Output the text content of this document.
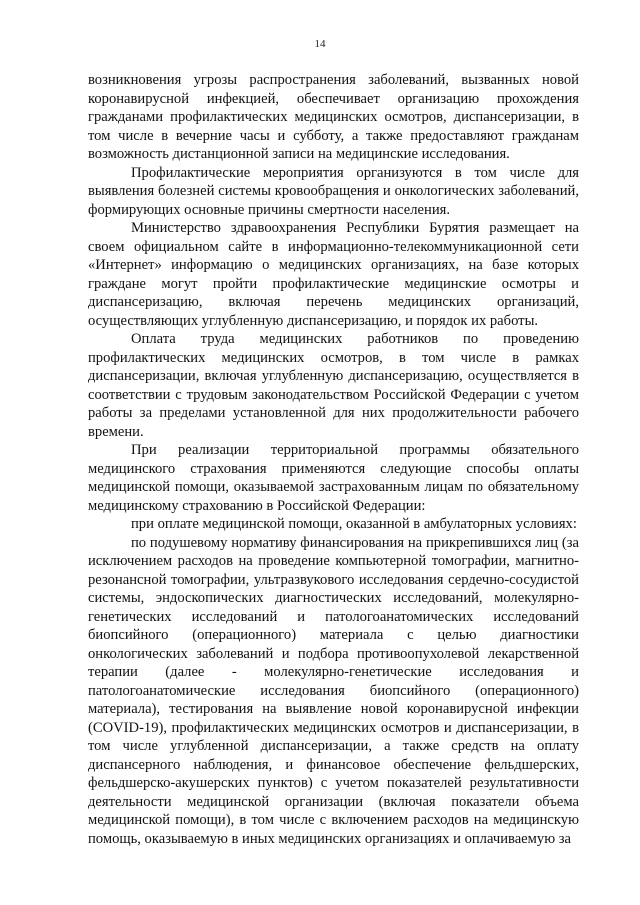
14

возникновения угрозы распространения заболеваний, вызванных новой коронавирусной инфекцией, обеспечивает организацию прохождения гражданами профилактических медицинских осмотров, диспансеризации, в том числе в вечерние часы и субботу, а также предоставляют гражданам возможность дистанционной записи на медицинские исследования.

Профилактические мероприятия организуются в том числе для выявления болезней системы кровообращения и онкологических заболеваний, формирующих основные причины смертности населения.

Министерство здравоохранения Республики Бурятия размещает на своем официальном сайте в информационно-телекоммуникационной сети «Интернет» информацию о медицинских организациях, на базе которых граждане могут пройти профилактические медицинские осмотры и диспансеризацию, включая перечень медицинских организаций, осуществляющих углубленную диспансеризацию, и порядок их работы.

Оплата труда медицинских работников по проведению профилактических медицинских осмотров, в том числе в рамках диспансеризации, включая углубленную диспансеризацию, осуществляется в соответствии с трудовым законодательством Российской Федерации с учетом работы за пределами установленной для них продолжительности рабочего времени.

При реализации территориальной программы обязательного медицинского страхования применяются следующие способы оплаты медицинской помощи, оказываемой застрахованным лицам по обязательному медицинскому страхованию в Российской Федерации:

при оплате медицинской помощи, оказанной в амбулаторных условиях:

по подушевому нормативу финансирования на прикрепившихся лиц (за исключением расходов на проведение компьютерной томографии, магнитно-резонансной томографии, ультразвукового исследования сердечно-сосудистой системы, эндоскопических диагностических исследований, молекулярно-генетических исследований и патологоанатомических исследований биопсийного (операционного) материала с целью диагностики онкологических заболеваний и подбора противоопухолевой лекарственной терапии (далее - молекулярно-генетические исследования и патологоанатомические исследования биопсийного (операционного) материала), тестирования на выявление новой коронавирусной инфекции (COVID-19), профилактических медицинских осмотров и диспансеризации, в том числе углубленной диспансеризации, а также средств на оплату диспансерного наблюдения, и финансовое обеспечение фельдшерских, фельдшерско-акушерских пунктов) с учетом показателей результативности деятельности медицинской организации (включая показатели объема медицинской помощи), в том числе с включением расходов на медицинскую помощь, оказываемую в иных медицинских организациях и оплачиваемую за
